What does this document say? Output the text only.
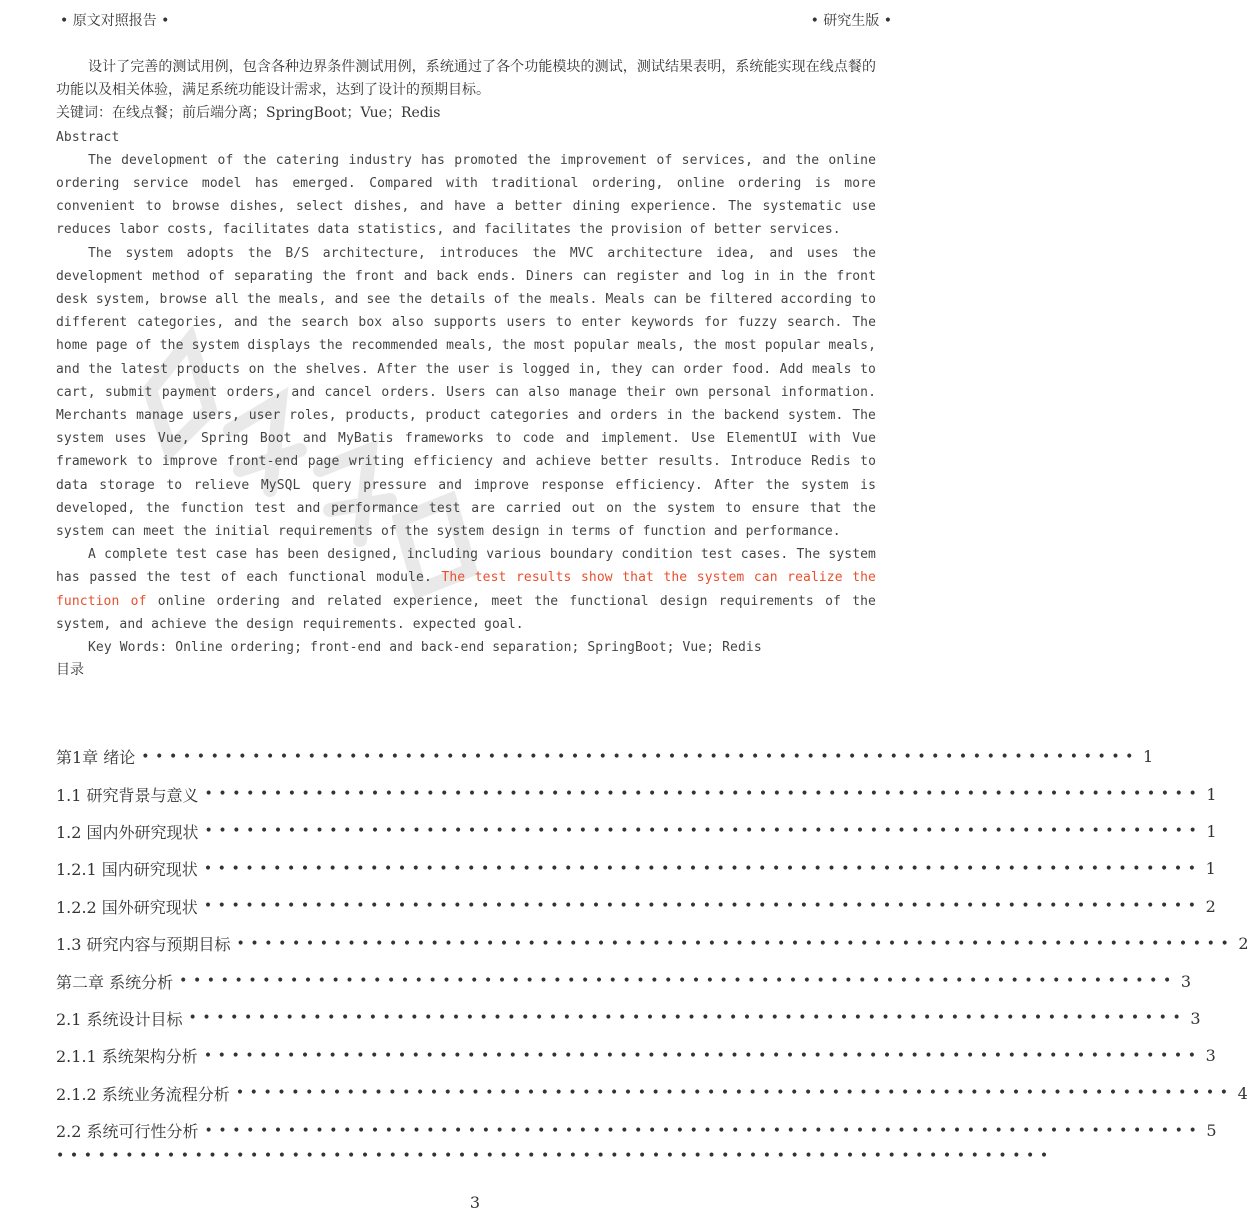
• 原文对照报告 •	• 研究生版 •

设计了完善的测试用例，包含各种边界条件测试用例，系统通过了各个功能模块的测试，测试结果表明，系统能实现在线点餐的功能以及相关体验，满足系统功能设计需求，达到了设计的预期目标。

关键词：在线点餐；前后端分离；SpringBoot；Vue；Redis

Abstract

The development of the catering industry has promoted the improvement of services, and the online ordering service model has emerged. Compared with traditional ordering, online ordering is more convenient to browse dishes, select dishes, and have a better dining experience. The systematic use reduces labor costs, facilitates data statistics, and facilitates the provision of better services.

The system adopts the B/S architecture, introduces the MVC architecture idea, and uses the development method of separating the front and back ends. Diners can register and log in in the front desk system, browse all the meals, and see the details of the meals. Meals can be filtered according to different categories, and the search box also supports users to enter keywords for fuzzy search. The home page of the system displays the recommended meals, the most popular meals, the most popular meals, and the latest products on the shelves. After the user is logged in, they can order food. Add meals to cart, submit payment orders, and cancel orders. Users can also manage their own personal information. Merchants manage users, user roles, products, product categories and orders in the backend system. The system uses Vue, Spring Boot and MyBatis frameworks to code and implement. Use ElementUI with Vue framework to improve front-end page writing efficiency and achieve better results. Introduce Redis to data storage to relieve MySQL query pressure and improve response efficiency. After the system is developed, the function test and performance test are carried out on the system to ensure that the system can meet the initial requirements of the system design in terms of function and performance.

A complete test case has been designed, including various boundary condition test cases. The system has passed the test of each functional module. The test results show that the system can realize the function of online ordering and related experience, meet the functional design requirements of the system, and achieve the design requirements. expected goal.

Key Words: Online ordering; front-end and back-end separation; SpringBoot; Vue; Redis

目录

第1章 绪论 •••••••••••••••••••••••••••••••••••••••••••••••••••••••••••••••••••••••• 1
1.1 研究背景与意义 •••••••••••••••••••••••••••••••••••••••••••••••••••••••••••••••••••••••• 1
1.2 国内外研究现状 •••••••••••••••••••••••••••••••••••••••••••••••••••••••••••••••••••••••• 1
1.2.1 国内研究现状 •••••••••••••••••••••••••••••••••••••••••••••••••••••••••••••••••••••••• 1
1.2.2 国外研究现状 •••••••••••••••••••••••••••••••••••••••••••••••••••••••••••••••••••••••• 2
1.3 研究内容与预期目标 •••••••••••••••••••••••••••••••••••••••••••••••••••••••••••••••••••••••• 2
第二章 系统分析 •••••••••••••••••••••••••••••••••••••••••••••••••••••••••••••••••••••••• 3
2.1 系统设计目标 •••••••••••••••••••••••••••••••••••••••••••••••••••••••••••••••••••••••• 3
2.1.1 系统架构分析 •••••••••••••••••••••••••••••••••••••••••••••••••••••••••••••••••••••••• 3
2.1.2 系统业务流程分析 •••••••••••••••••••••••••••••••••••••••••••••••••••••••••••••••••••••••• 4
2.2 系统可行性分析 •••••••••••••••••••••••••••••••••••••••••••••••••••••••••••••••••••••••• 5
••••••••••••••••••••••••••••••••••••••••••••••••••••••••••••••••••••••••
3
